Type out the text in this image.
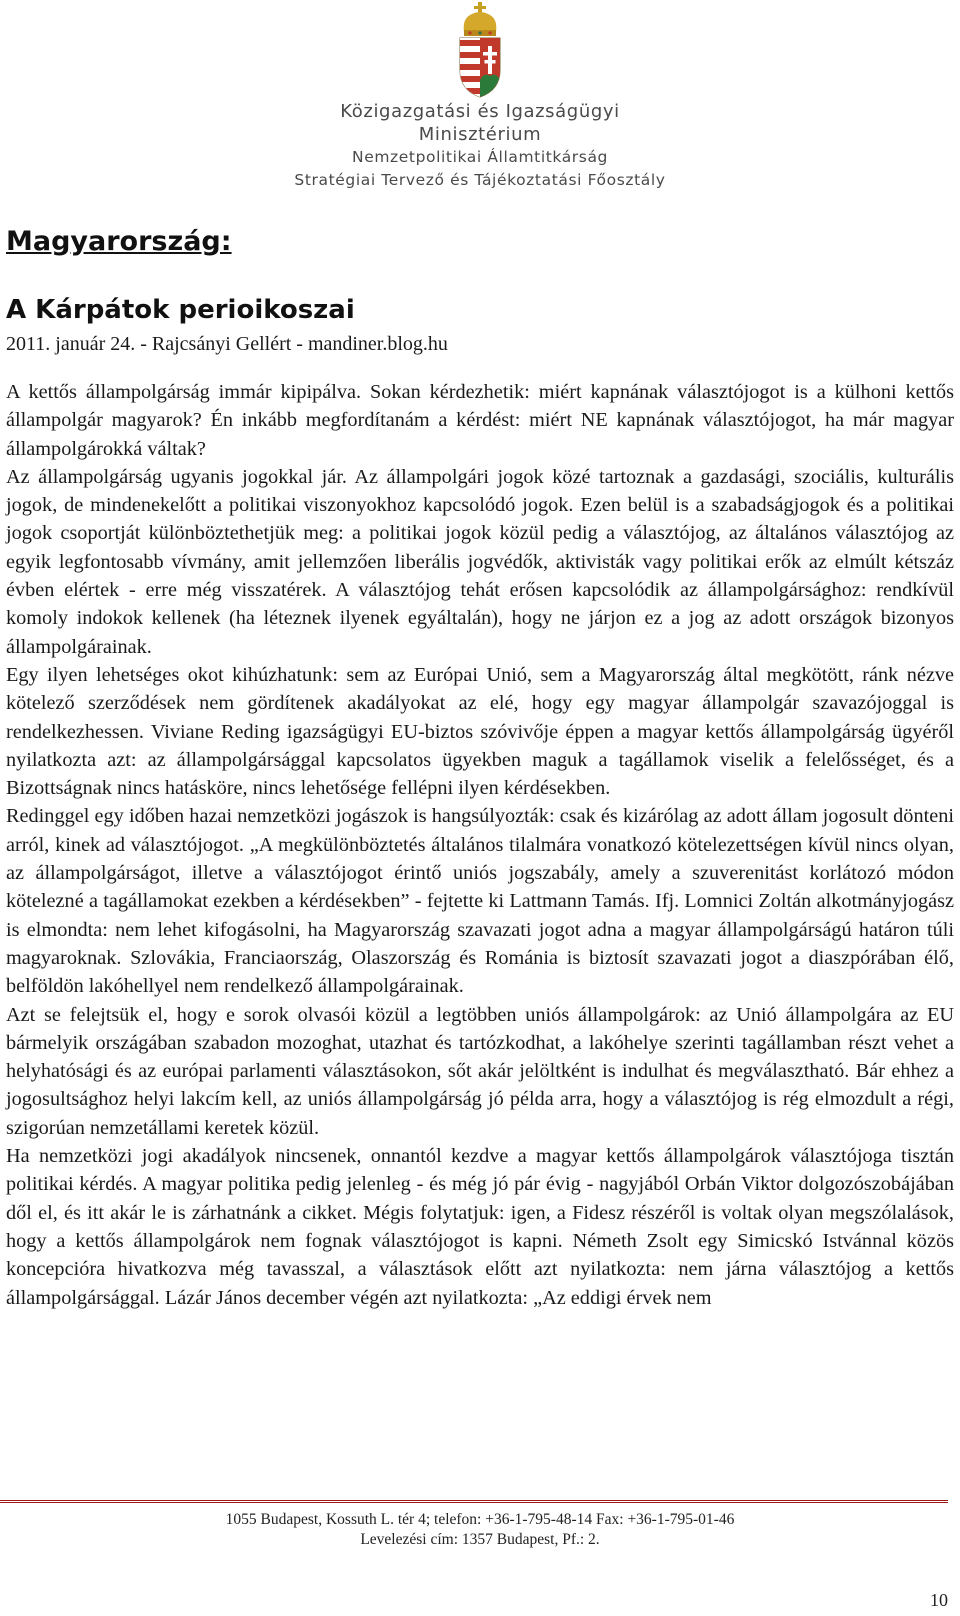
Közigazgatási és Igazságügyi
Minisztérium
Nemzetpolitikai Államtitkárság
Stratégiai Tervező és Tájékoztatási Főosztály
Magyarország:
A Kárpátok perioikoszai
2011. január 24. - Rajcsányi Gellért - mandiner.blog.hu

A kettős állampolgárság immár kipipálva. Sokan kérdezhetik: miért kapnának választójogot is a külhoni kettős állampolgár magyarok? Én inkább megfordítanám a kérdést: miért NE kapnának választójogot, ha már magyar állampolgárokká váltak?

Az állampolgárság ugyanis jogokkal jár. Az állampolgári jogok közé tartoznak a gazdasági, szociális, kulturális jogok, de mindenekelőtt a politikai viszonyokhoz kapcsolódó jogok. Ezen belül is a szabadságjogok és a politikai jogok csoportját különböztethetjük meg: a politikai jogok közül pedig a választójog, az általános választójog az egyik legfontosabb vívmány, amit jellemzően liberális jogvédők, aktivisták vagy politikai erők az elmúlt kétszáz évben elértek - erre még visszatérek. A választójog tehát erősen kapcsolódik az állampolgársághoz: rendkívül komoly indokok kellenek (ha léteznek ilyenek egyáltalán), hogy ne járjon ez a jog az adott országok bizonyos állampolgárainak.

Egy ilyen lehetséges okot kihúzhatunk: sem az Európai Unió, sem a Magyarország által megkötött, ránk nézve kötelező szerződések nem gördítenek akadályokat az elé, hogy egy magyar állampolgár szavazójoggal is rendelkezhessen. Viviane Reding igazságügyi EU-biztos szóvivője éppen a magyar kettős állampolgárság ügyéről nyilatkozta azt: az állampolgársággal kapcsolatos ügyekben maguk a tagállamok viselik a felelősséget, és a Bizottságnak nincs hatásköre, nincs lehetősége fellépni ilyen kérdésekben.

Redinggel egy időben hazai nemzetközi jogászok is hangsúlyozták: csak és kizárólag az adott állam jogosult dönteni arról, kinek ad választójogot. „A megkülönböztetés általános tilalmára vonatkozó kötelezettségen kívül nincs olyan, az állampolgárságot, illetve a választójogot érintő uniós jogszabály, amely a szuverenitást korlátozó módon kötelezné a tagállamokat ezekben a kérdésekben” - fejtette ki Lattmann Tamás. Ifj. Lomnici Zoltán alkotmányjogász is elmondta: nem lehet kifogásolni, ha Magyarország szavazati jogot adna a magyar állampolgárságú határon túli magyaroknak. Szlovákia, Franciaország, Olaszország és Románia is biztosít szavazati jogot a diaszpórában élő, belföldön lakóhellyel nem rendelkező állampolgárainak.

Azt se felejtsük el, hogy e sorok olvasói közül a legtöbben uniós állampolgárok: az Unió állampolgára az EU bármelyik országában szabadon mozoghat, utazhat és tartózkodhat, a lakóhelye szerinti tagállamban részt vehet a helyhatósági és az európai parlamenti választásokon, sőt akár jelöltként is indulhat és megválasztható. Bár ehhez a jogosultsághoz helyi lakcím kell, az uniós állampolgárság jó példa arra, hogy a választójog is rég elmozdult a régi, szigorúan nemzetállami keretek közül.

Ha nemzetközi jogi akadályok nincsenek, onnantól kezdve a magyar kettős állampolgárok választójoga tisztán politikai kérdés. A magyar politika pedig jelenleg - és még jó pár évig - nagyjából Orbán Viktor dolgozószobájában dől el, és itt akár le is zárhatnánk a cikket. Mégis folytatjuk: igen, a Fidesz részéről is voltak olyan megszólalások, hogy a kettős állampolgárok nem fognak választójogot is kapni. Németh Zsolt egy Simicskó Istvánnal közös koncepcióra hivatkozva még tavasszal, a választások előtt azt nyilatkozta: nem járna választójog a kettős állampolgársággal. Lázár János december végén azt nyilatkozta: „Az eddigi érvek nem

1055 Budapest, Kossuth L. tér 4; telefon: +36-1-795-48-14 Fax: +36-1-795-01-46
Levelezési cím: 1357 Budapest, Pf.: 2.
10
